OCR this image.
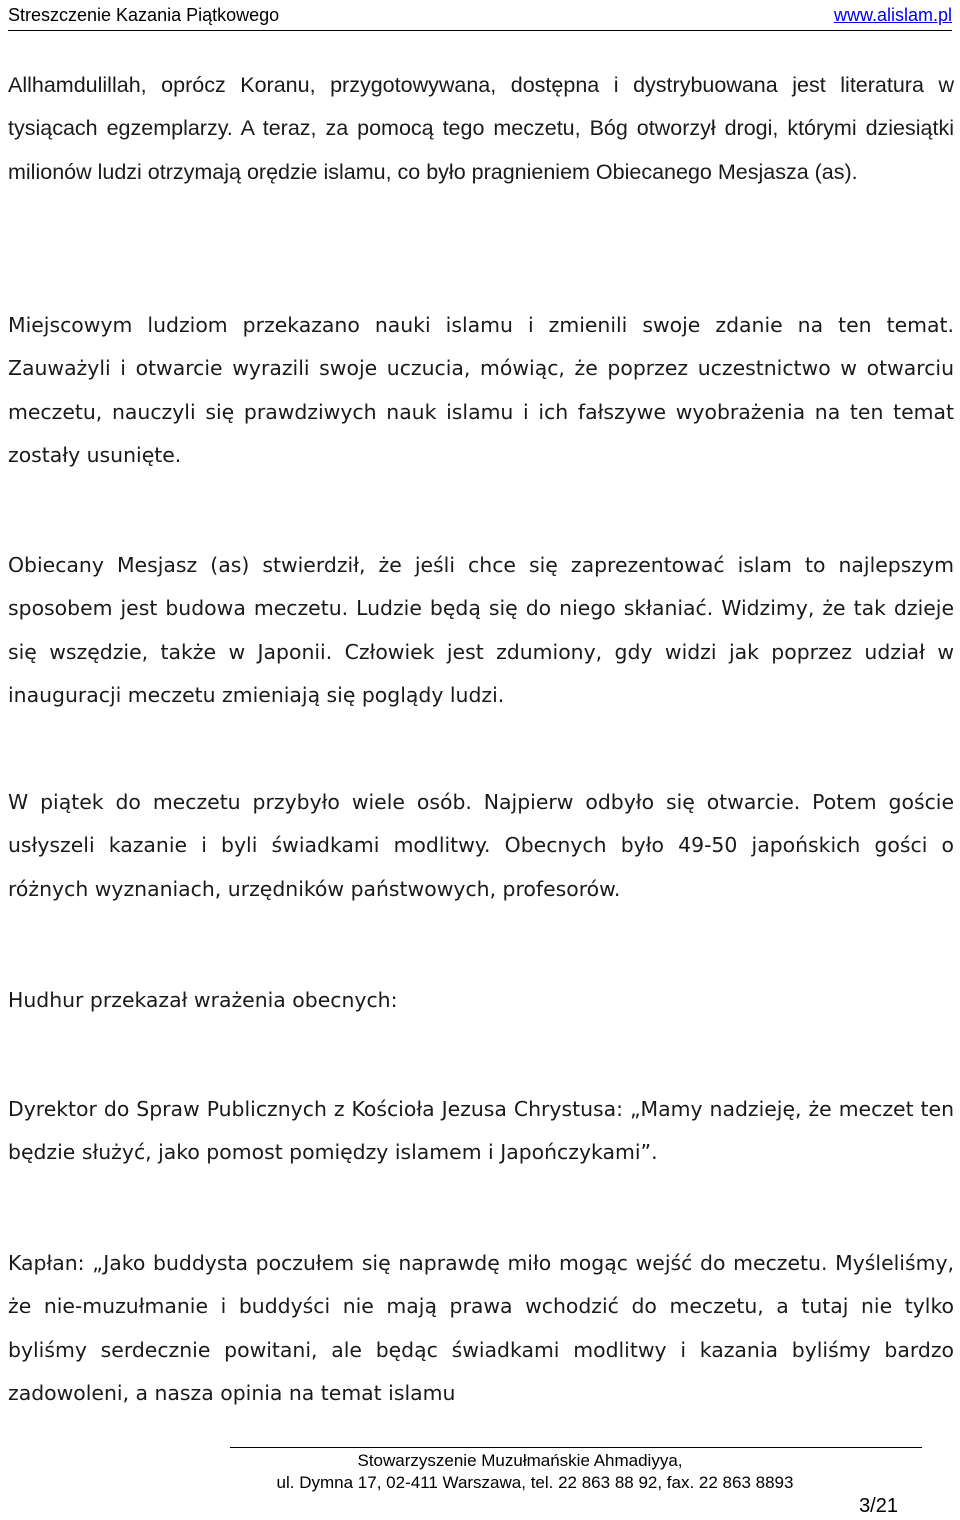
Streszczenie Kazania Piątkowego	www.alislam.pl

Allhamdulillah, oprócz Koranu, przygotowywana, dostępna i dystrybuowana jest literatura w tysiącach egzemplarzy. A teraz, za pomocą tego meczetu, Bóg otworzył drogi, którymi dziesiątki milionów ludzi otrzymają orędzie islamu, co było pragnieniem Obiecanego Mesjasza (as).

Miejscowym ludziom przekazano nauki islamu i zmienili swoje zdanie na ten temat. Zauważyli i otwarcie wyrazili swoje uczucia, mówiąc, że poprzez uczestnictwo w otwarciu meczetu, nauczyli się prawdziwych nauk islamu i ich fałszywe wyobrażenia na ten temat zostały usunięte.

Obiecany Mesjasz (as) stwierdził, że jeśli chce się zaprezentować islam to najlepszym sposobem jest budowa meczetu. Ludzie będą się do niego skłaniać. Widzimy, że tak dzieje się wszędzie, także w Japonii. Człowiek jest zdumiony, gdy widzi jak poprzez udział w inauguracji meczetu zmieniają się poglądy ludzi.

W piątek do meczetu przybyło wiele osób. Najpierw odbyło się otwarcie. Potem goście usłyszeli kazanie i byli świadkami modlitwy. Obecnych było 49-50 japońskich gości o różnych wyznaniach, urzędników państwowych, profesorów.

Hudhur przekazał wrażenia obecnych:

Dyrektor do Spraw Publicznych z Kościoła Jezusa Chrystusa: „Mamy nadzieję, że meczet ten będzie służyć, jako pomost pomiędzy islamem i Japończykami”.

Kapłan: „Jako buddysta poczułem się naprawdę miło mogąc wejść do meczetu. Myśleliśmy, że nie-muzułmanie i buddyści nie mają prawa wchodzić do meczetu, a tutaj nie tylko byliśmy serdecznie powitani, ale będąc świadkami modlitwy i kazania byliśmy bardzo zadowoleni, a nasza opinia na temat islamu

Stowarzyszenie Muzułmańskie Ahmadiyya,
ul. Dymna 17, 02-411 Warszawa, tel. 22 863 88 92, fax. 22 863 8893
3/21
